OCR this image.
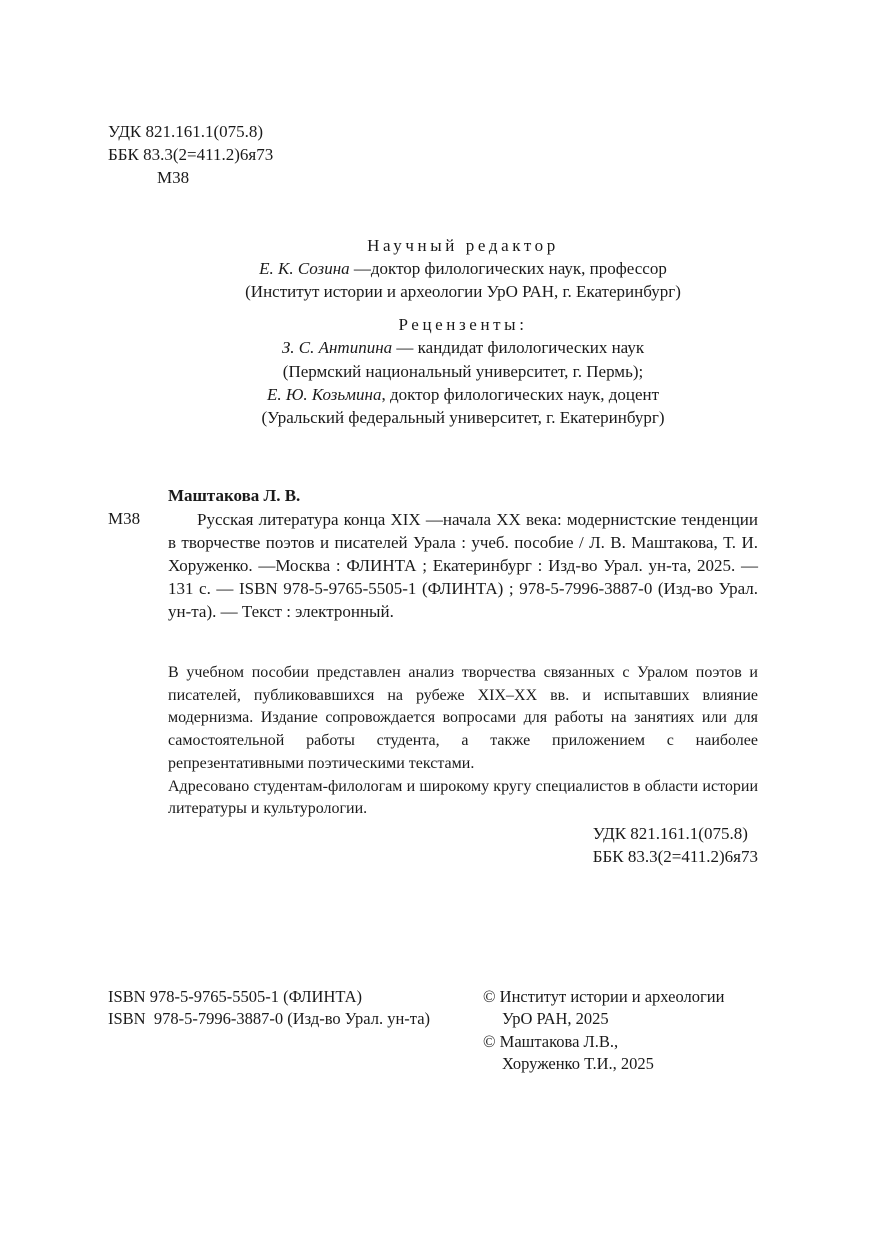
УДК 821.161.1(075.8)
ББК 83.3(2=411.2)6я73
М38
Научный редактор
Е. К. Созина —доктор филологических наук, профессор
(Институт истории и археологии УрО РАН, г. Екатеринбург)
Рецензенты:
З. С. Антипина — кандидат филологических наук
(Пермский национальный университет, г. Пермь);
Е. Ю. Козьмина, доктор филологических наук, доцент
(Уральский федеральный университет, г. Екатеринбург)
Маштакова Л. В.
М38	Русская литература конца XIX —начала XX века: модернистские тенденции в творчестве поэтов и писателей Урала : учеб. пособие / Л. В. Маштакова, Т. И. Хоруженко. —Москва : ФЛИНТА ; Екатеринбург : Изд-во Урал. ун-та, 2025. — 131 с. — ISBN 978-5-9765-5505-1 (ФЛИНТА) ; 978-5-7996-3887-0 (Изд-во Урал. ун-та). — Текст : электронный.

В учебном пособии представлен анализ творчества связанных с Уралом поэтов и писателей, публиковавшихся на рубеже XIX–XX вв. и испытавших влияние модернизма. Издание сопровождается вопросами для работы на занятиях или для самостоятельной работы студента, а также приложением с наиболее репрезентативными поэтическими текстами.

Адресовано студентам-филологам и широкому кругу специалистов в области истории литературы и культурологии.

УДК 821.161.1(075.8)
ББК 83.3(2=411.2)6я73
ISBN 978-5-9765-5505-1 (ФЛИНТА)
ISBN  978-5-7996-3887-0 (Изд-во Урал. ун-та)
© Институт истории и археологии
УрО РАН, 2025
© Маштакова Л.В.,
Хоруженко Т.И., 2025
